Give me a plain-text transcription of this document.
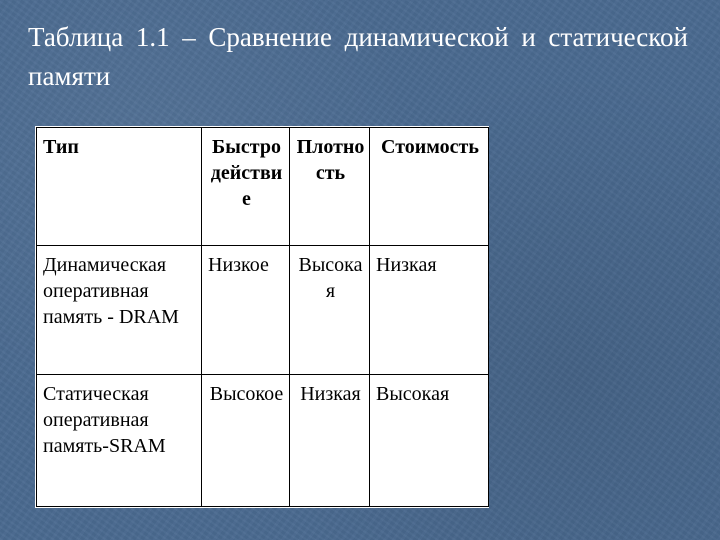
Таблица 1.1 – Сравнение динамической и статической памяти
Тип	Быстродействие	Плотность	Стоимость
Динамическая оперативная память - DRAM	Низкое	Высокая	Низкая
Статическая оперативная память-SRAM	Высокое	Низкая	Высокая
